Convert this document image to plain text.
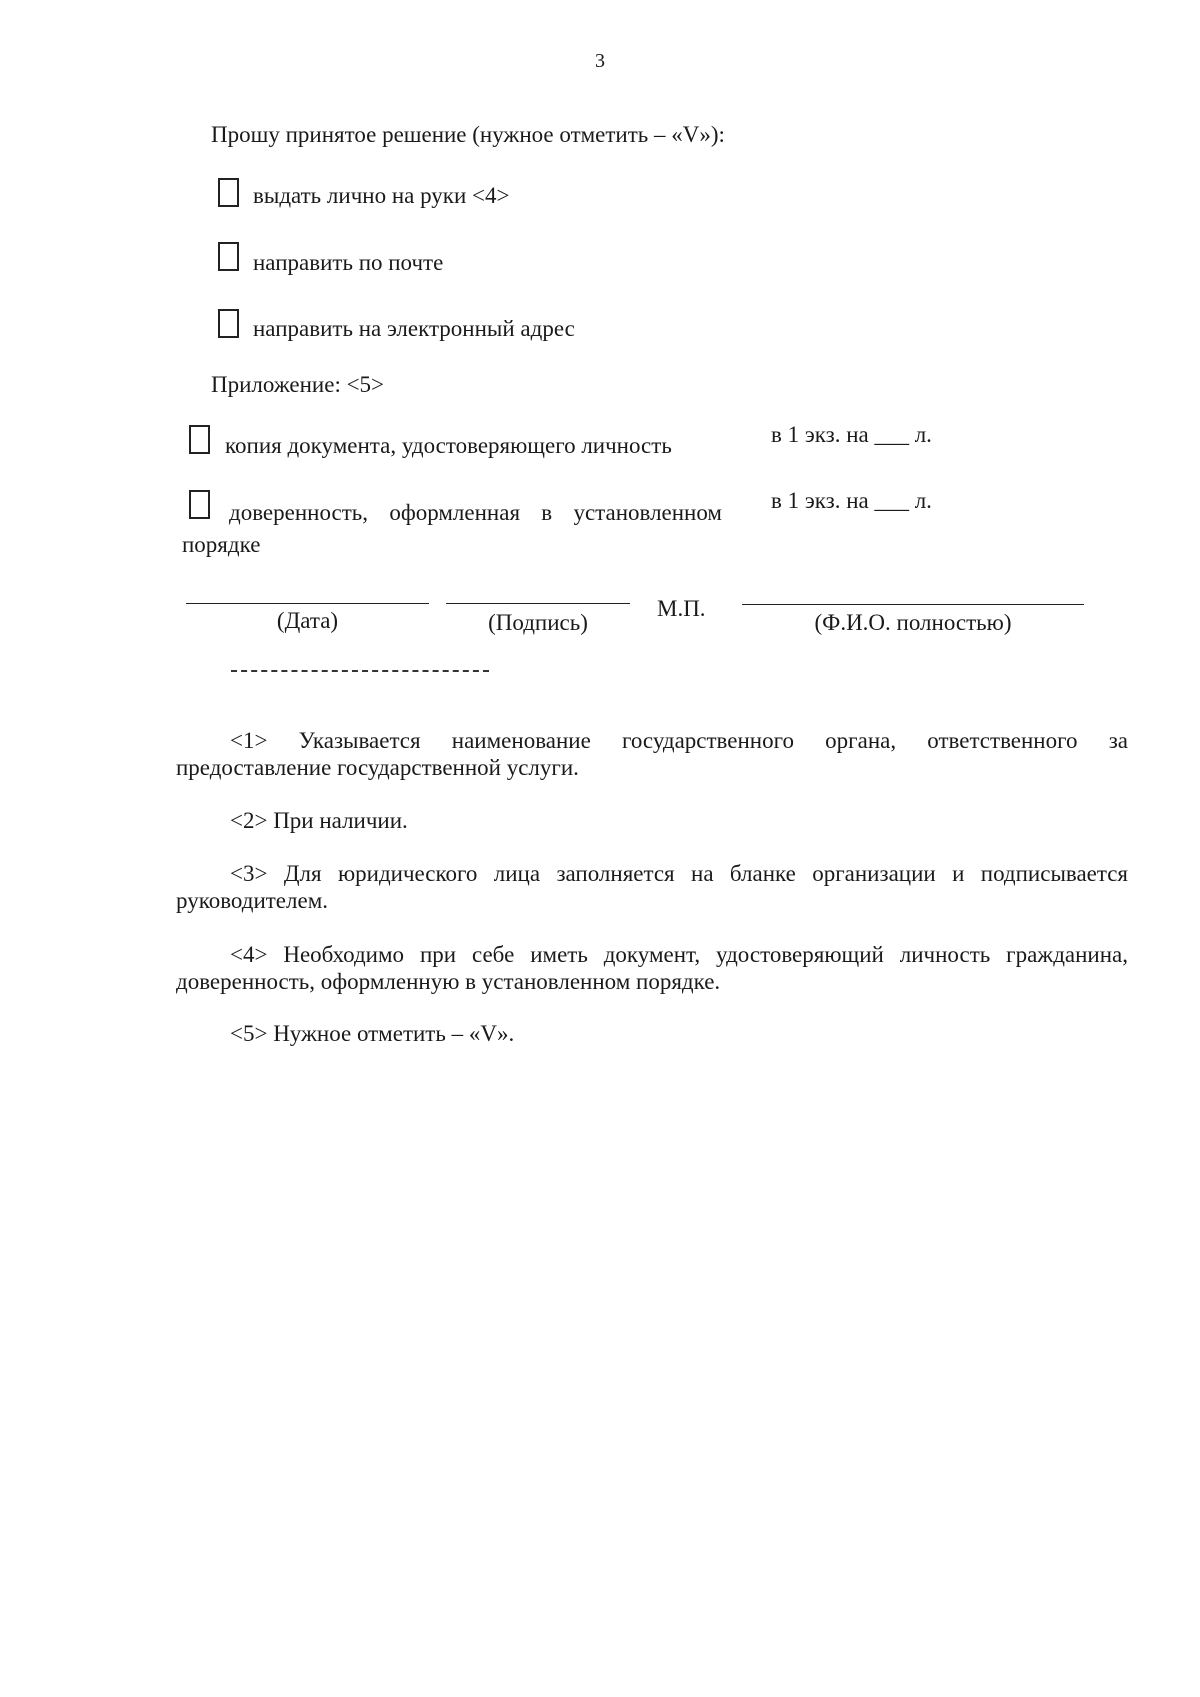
3
Прошу принятое решение (нужное отметить – «V»):
выдать лично на руки <4>
направить по почте
направить на электронный адрес
Приложение: <5>
копия документа, удостоверяющего личность	в 1 экз. на ___ л.
доверенность, оформленная в установленном
порядке
в 1 экз. на ___ л.
(Дата)	(Подпись)
М.П.
(Ф.И.О. полностью)
<1> Указывается наименование государственного органа, ответственного за
предоставление государственной услуги.
<2> При наличии.
<3> Для юридического лица заполняется на бланке организации и подписывается
руководителем.
<4> Необходимо при себе иметь документ, удостоверяющий личность гражданина,
доверенность, оформленную в установленном порядке.
<5> Нужное отметить – «V».
